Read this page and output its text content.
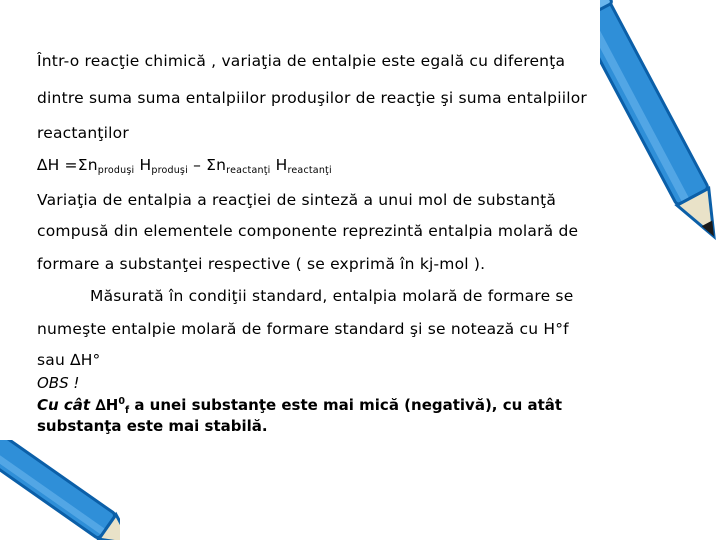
Într-o reacţie chimică , variaţia de entalpie este egală cu diferenţa
dintre suma suma entalpiilor produşilor de reacţie şi suma entalpiilor
reactanţilor
$\Delta H =\Sigma n_{produşi}$ $H_{produşi} - \Sigma n_{reactanţi}$ $H_{reactanţi}$
Variaţia de entalpia a reacţiei de sinteză a unui mol de substanţă
compusă din elementele componente reprezintă entalpia molară de
formare a substanţei respective ( se exprimă în kj-mol ).
Măsurată în condiţii standard, entalpia molară de formare se
numeşte entalpie molară de formare standard şi se notează cu H°f
sau ∆H°
OBS !
Cu cât $\Delta H^0_f$ a unei substanţe este mai mică (negativă), cu atât
substanţa este mai stabilă.
